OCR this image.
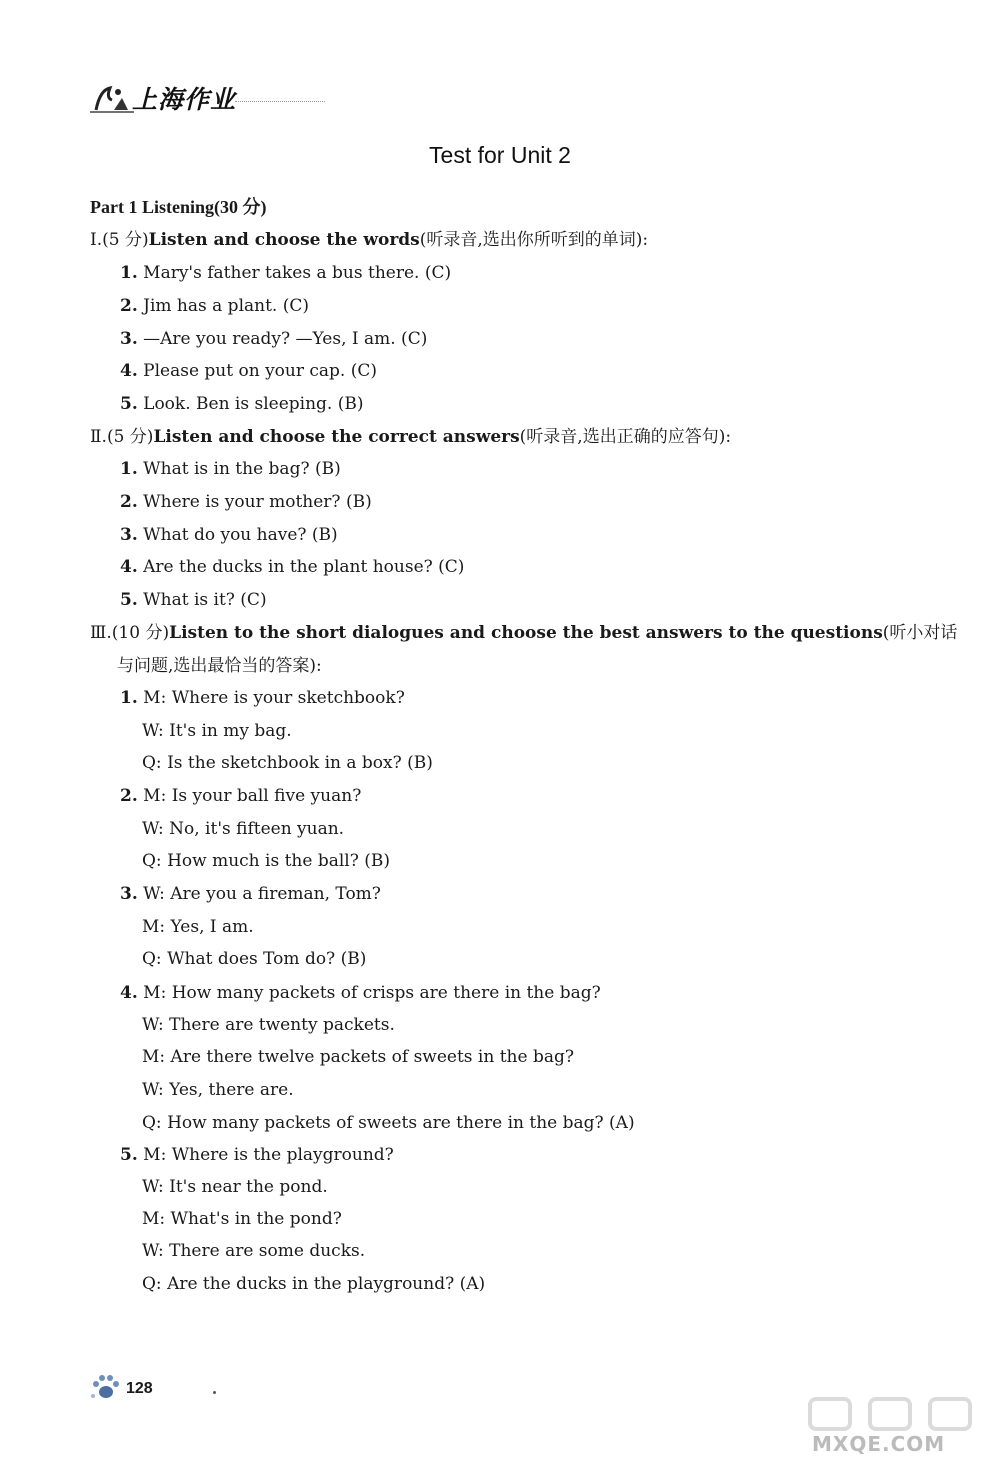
上海作业
Test for Unit 2
Part 1 Listening(30 分)
Ⅰ.(5 分)Listen and choose the words(听录音,选出你所听到的单词):
1. Mary's father takes a bus there. (C)
2. Jim has a plant. (C)
3. —Are you ready? —Yes, I am. (C)
4. Please put on your cap. (C)
5. Look. Ben is sleeping. (B)
Ⅱ.(5 分)Listen and choose the correct answers(听录音,选出正确的应答句):
1. What is in the bag? (B)
2. Where is your mother? (B)
3. What do you have? (B)
4. Are the ducks in the plant house? (C)
5. What is it? (C)
Ⅲ.(10 分)Listen to the short dialogues and choose the best answers to the questions(听小对话
与问题,选出最恰当的答案):
1. M: Where is your sketchbook?
W: It's in my bag.
Q: Is the sketchbook in a box? (B)
2. M: Is your ball five yuan?
W: No, it's fifteen yuan.
Q: How much is the ball? (B)
3. W: Are you a fireman, Tom?
M: Yes, I am.
Q: What does Tom do? (B)
4. M: How many packets of crisps are there in the bag?
W: There are twenty packets.
M: Are there twelve packets of sweets in the bag?
W: Yes, there are.
Q: How many packets of sweets are there in the bag? (A)
5. M: Where is the playground?
W: It's near the pond.
M: What's in the pond?
W: There are some ducks.
Q: Are the ducks in the playground? (A)
128
MXQE.COM
